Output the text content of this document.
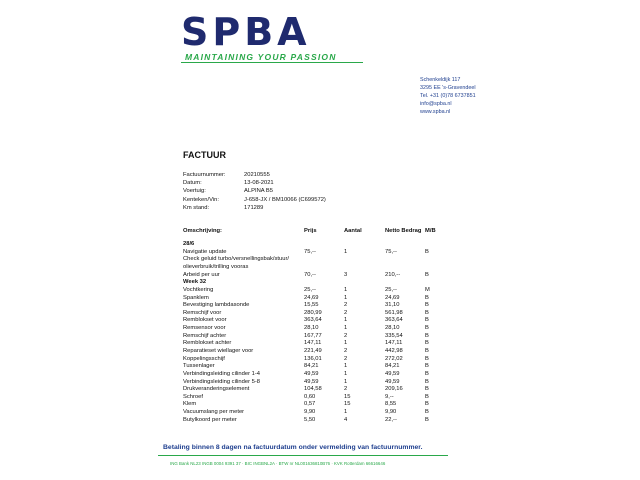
SPBA
MAINTAINING YOUR PASSION
Schenkeldijk 117
3295 EE 's-Gravendeel
Tel. +31 (0)78 6737851
info@spba.nl
www.spba.nl
FACTUUR
Factuurnummer:	20210555
Datum:	13-08-2021
Voertuig:	ALPINA B5
Kenteken/Vin:	J-658-JX / BM10066 (C699572)
Km stand:	171289
Omschrijving:	Prijs	Aantal	Netto Bedrag M/B
28/6
Navigatie update	75,--	1	75,--	B
Check geluid turbo/versnellingsbak/stuur/ olieverbruik/trilling vooras
Arbeid per uur	70,--	3	210,--	B
Week 32
Vochtkering	25,--	1	25,--	M
Spanklem	24,69	1	24,69	B
Bevestiging lambdasonde	15,55	2	31,10	B
Remschijf voor	280,99	2	561,98	B
Remblokset voor	363,64	1	363,64	B
Remsensor voor	28,10	1	28,10	B
Remschijf achter	167,77	2	335,54	B
Remblokset achter	147,11	1	147,11	B
Reparatieset wiellager voor	221,49	2	442,98	B
Koppelingsschijf	136,01	2	272,02	B
Tussenlager	84,21	1	84,21	B
Verbindingsleiding cilinder 1-4	49,59	1	49,59	B
Verbindingsleiding cilinder 5-8	49,59	1	49,59	B
Drukveranderingselement	104,58	2	209,16	B
Schroef	0,60	15	9,--	B
Klem	0,57	15	8,55	B
Vacuumslang per meter	9,90	1	9,90	B
Butylkoord per meter	5,50	4	22,--	B
Betaling binnen 8 dagen na factuurdatum onder vermelding van factuurnummer.
ING Bank NL23 INGB 0004 9391 37 · BIC INGBNL2A · BTW nr NL001636810B76 · KVK Rotterdam 66616646
